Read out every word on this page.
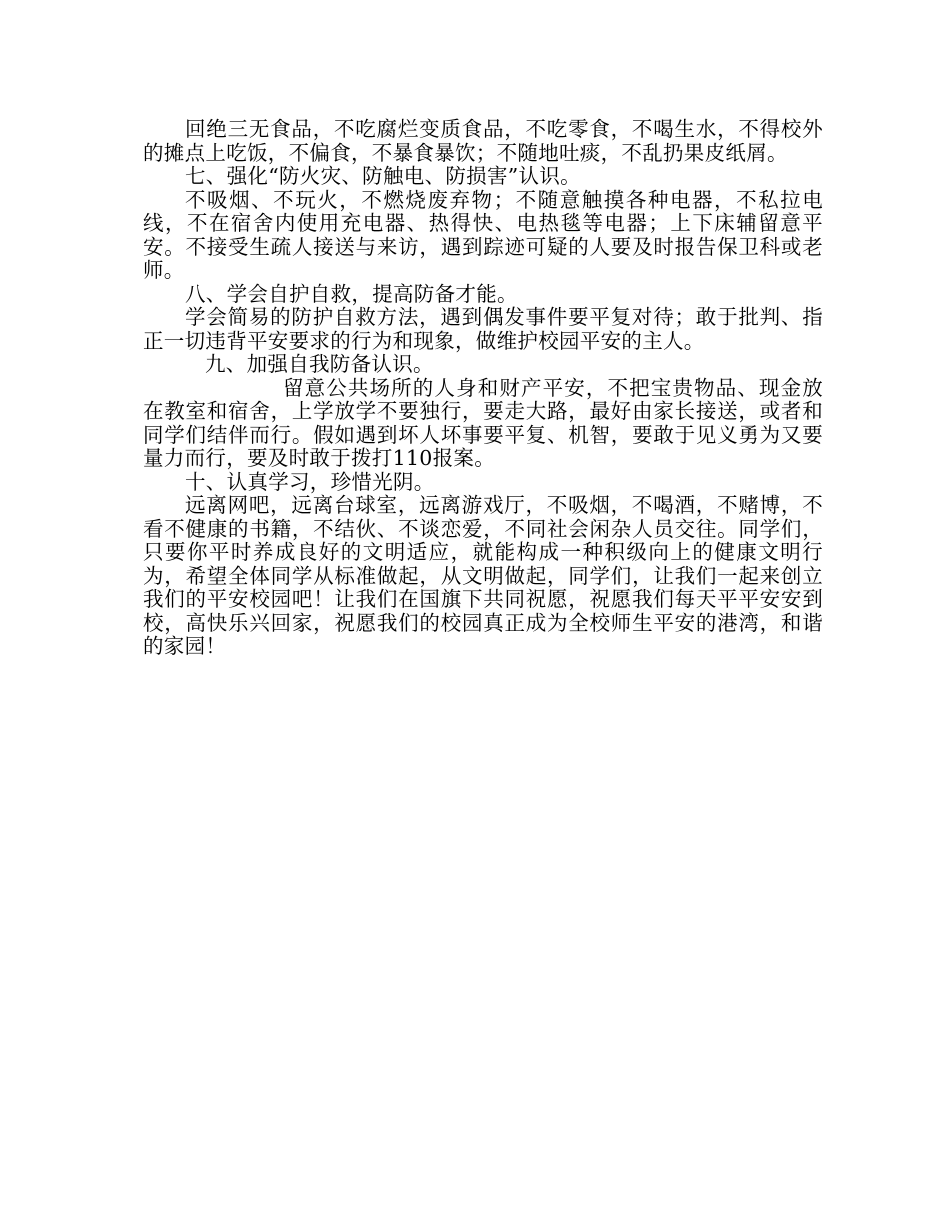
回绝三无食品，不吃腐烂变质食品，不吃零食，不喝生水，不得校外的摊点上吃饭，不偏食，不暴食暴饮；不随地吐痰，不乱扔果皮纸屑。

七、强化“防火灾、防触电、防损害”认识。

不吸烟、不玩火，不燃烧废弃物；不随意触摸各种电器，不私拉电线，不在宿舍内使用充电器、热得快、电热毯等电器；上下床辅留意平安。不接受生疏人接送与来访，遇到踪迹可疑的人要及时报告保卫科或老师。

八、学会自护自救，提高防备才能。

学会简易的防护自救方法，遇到偶发事件要平复对待；敢于批判、指正一切违背平安要求的行为和现象，做维护校园平安的主人。

九、加强自我防备认识。

留意公共场所的人身和财产平安，不把宝贵物品、现金放在教室和宿舍，上学放学不要独行，要走大路，最好由家长接送，或者和同学们结伴而行。假如遇到坏人坏事要平复、机智，要敢于见义勇为又要量力而行，要及时敢于拨打110报案。

十、认真学习，珍惜光阴。

远离网吧，远离台球室，远离游戏厅，不吸烟，不喝酒，不赌博，不看不健康的书籍，不结伙、不谈恋爱，不同社会闲杂人员交往。同学们，只要你平时养成良好的文明适应，就能构成一种积级向上的健康文明行为，希望全体同学从标准做起，从文明做起，同学们，让我们一起来创立我们的平安校园吧！让我们在国旗下共同祝愿，祝愿我们每天平平安安到校，高快乐兴回家，祝愿我们的校园真正成为全校师生平安的港湾，和谐的家园！
